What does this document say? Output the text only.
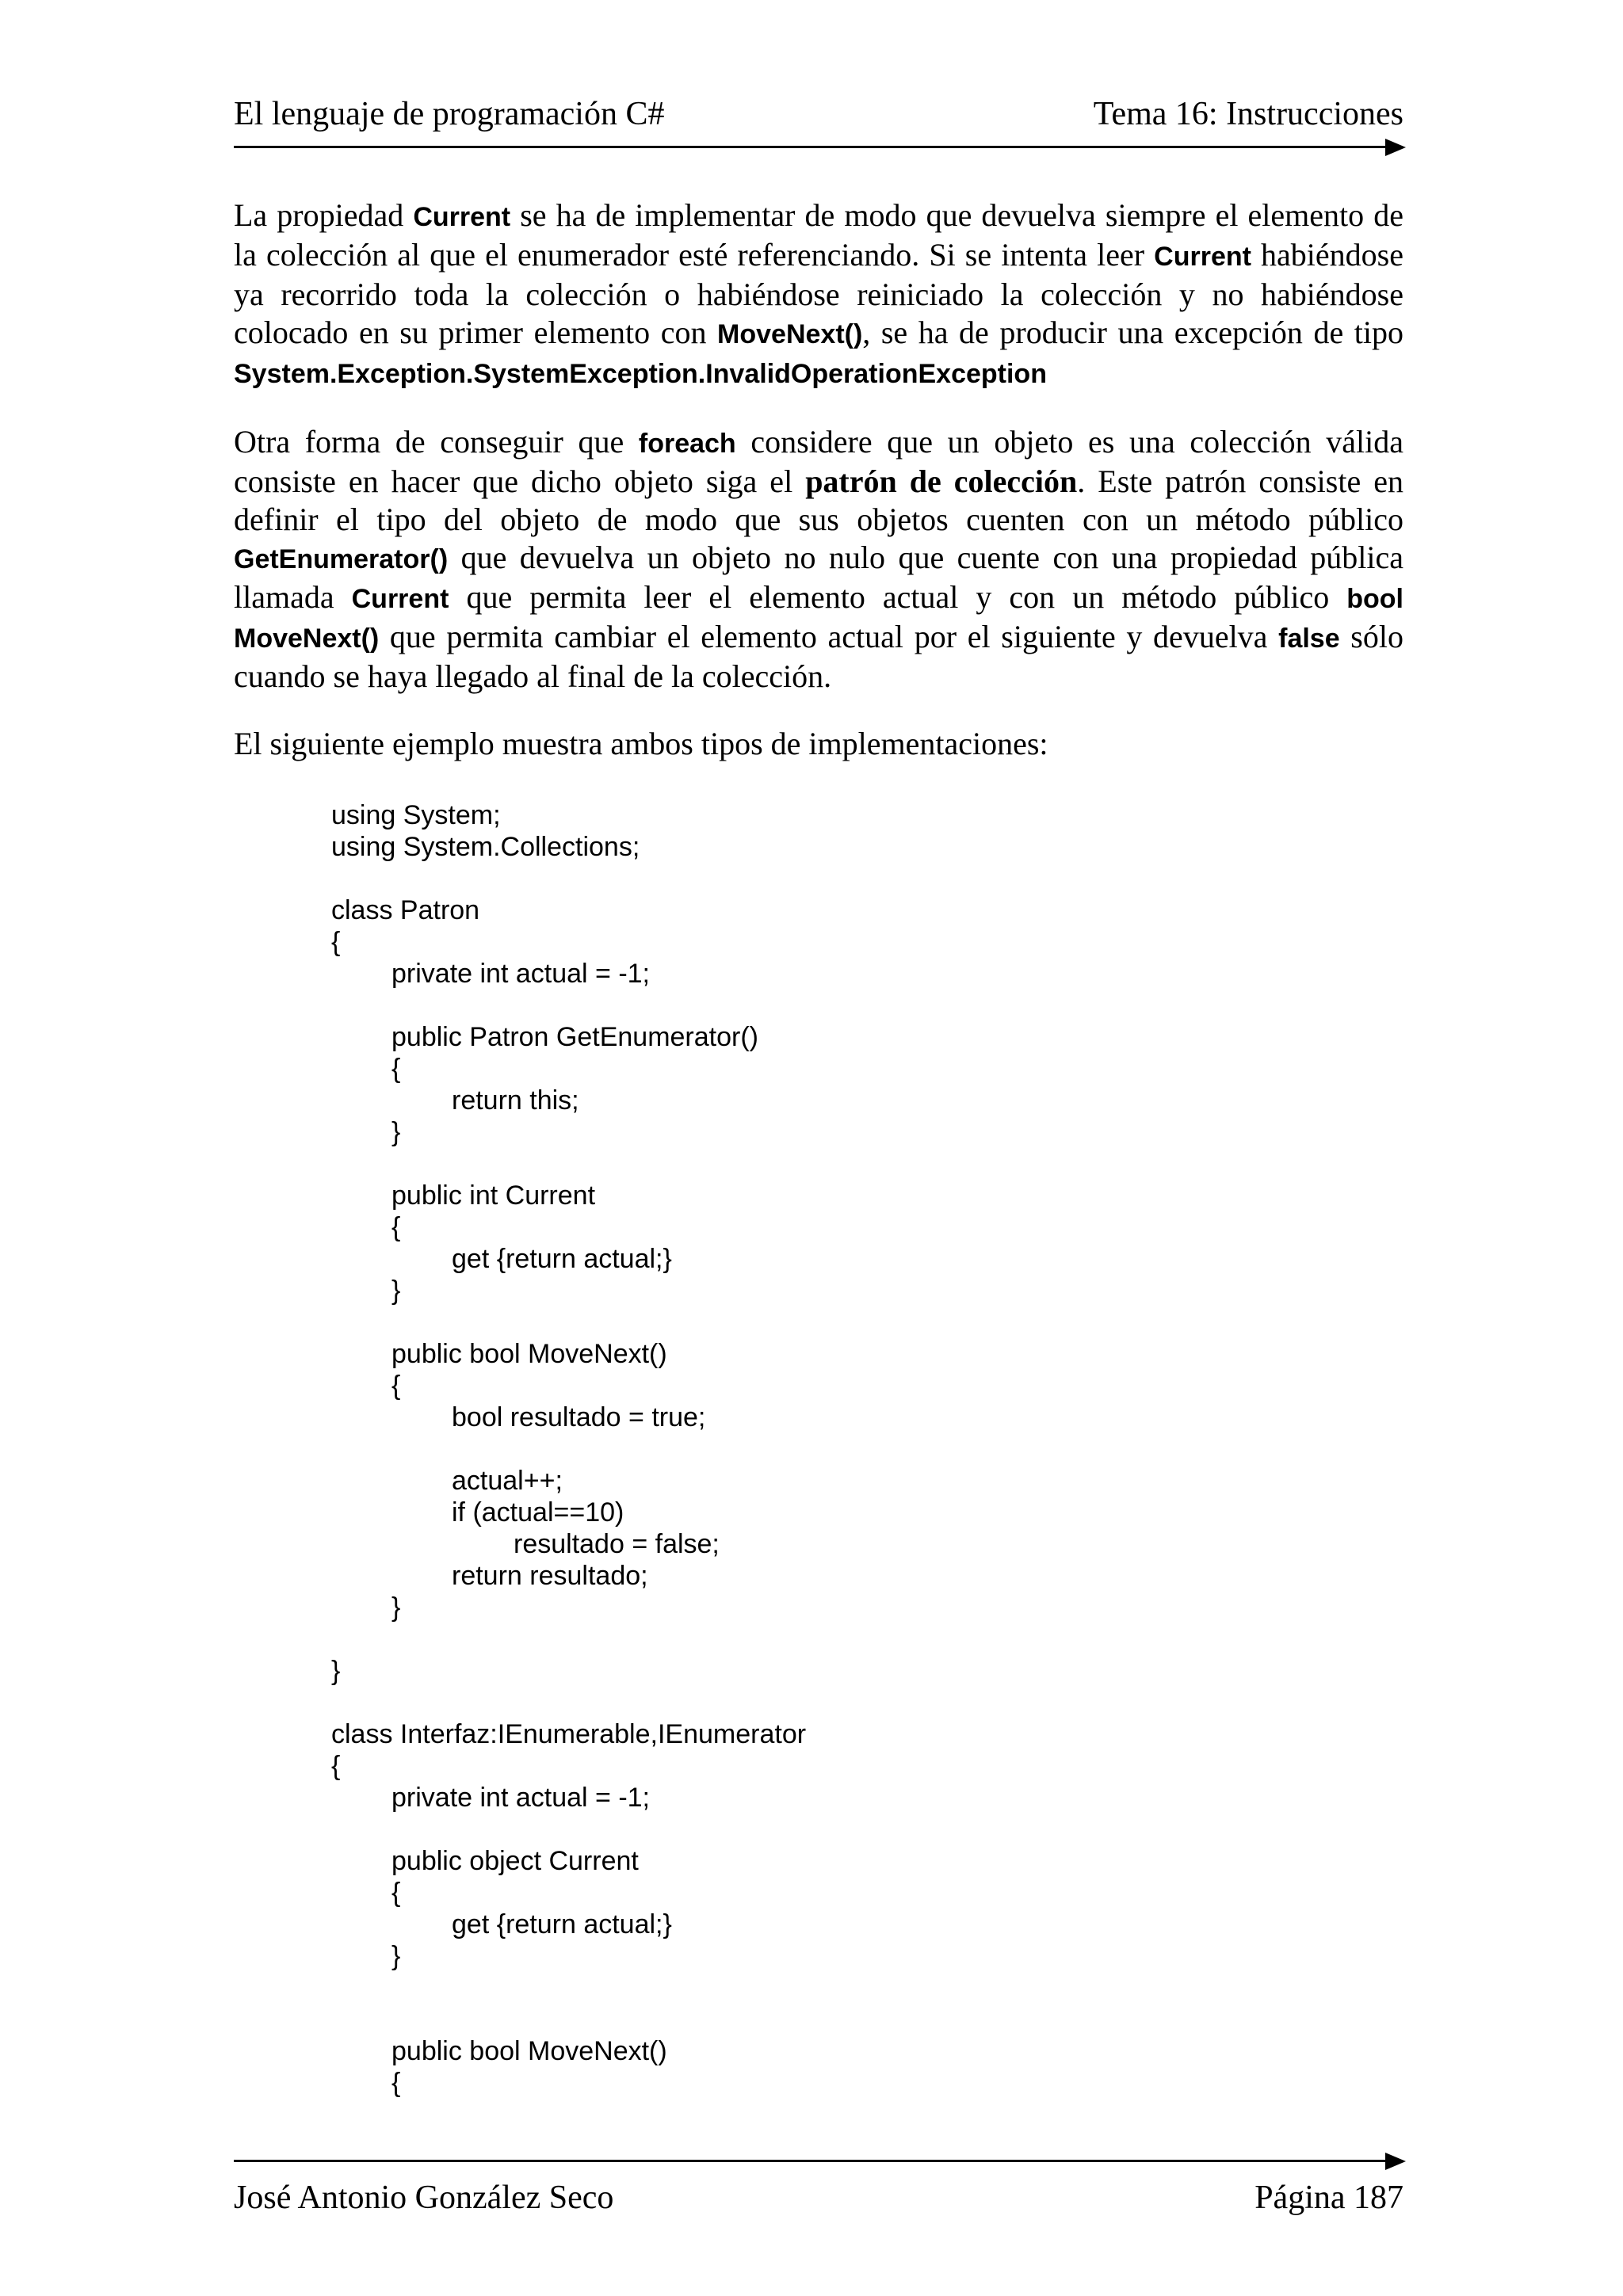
El lenguaje de programación C#	Tema 16: Instrucciones

La propiedad Current se ha de implementar de modo que devuelva siempre el elemento de la colección al que el enumerador esté referenciando. Si se intenta leer Current habiéndose ya recorrido toda la colección o habiéndose reiniciado la colección y no habiéndose colocado en su primer elemento con MoveNext(), se ha de producir una excepción de tipo System.Exception.SystemException.InvalidOperationException

Otra forma de conseguir que foreach considere que un objeto es una colección válida consiste en hacer que dicho objeto siga el patrón de colección. Este patrón consiste en definir el tipo del objeto de modo que sus objetos cuenten con un método público GetEnumerator() que devuelva un objeto no nulo que cuente con una propiedad pública llamada Current que permita leer el elemento actual y con un método público bool MoveNext() que permita cambiar el elemento actual por el siguiente y devuelva false sólo cuando se haya llegado al final de la colección.

El siguiente ejemplo muestra ambos tipos de implementaciones:

using System;
using System.Collections;
class Patron
{
private int actual = -1;
public Patron GetEnumerator()
{
return this;
}
public int Current
{
get {return actual;}
}
public bool MoveNext()
{
bool resultado = true;
actual++;
if (actual==10)
resultado = false;
return resultado;
}
}
class Interfaz:IEnumerable,IEnumerator
{
private int actual = -1;
public object Current
{
get {return actual;}
}
public bool MoveNext()
{
José Antonio González Seco	Página 187
